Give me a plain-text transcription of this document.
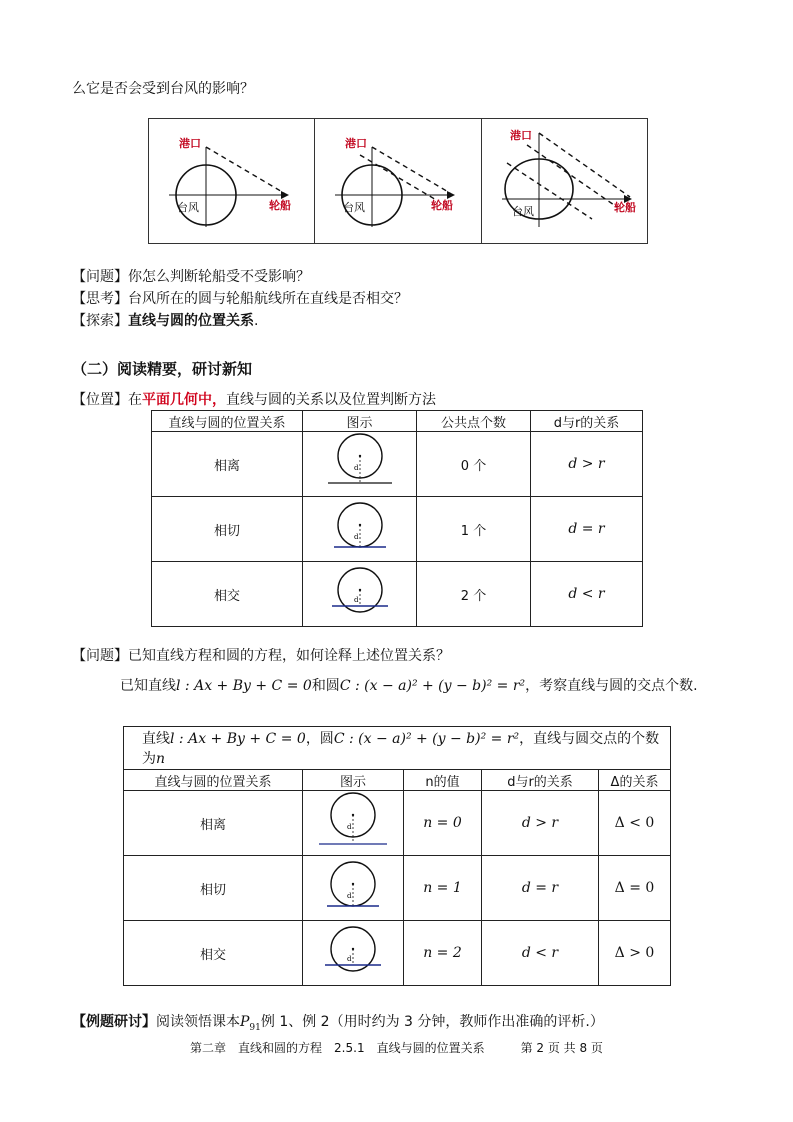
么它是否会受到台风的影响？
港口
台风	轮船
港口
台风	轮船
港口
台风	轮船
【问题】你怎么判断轮船受不受影响？
【思考】台风所在的圆与轮船航线所在直线是否相交？
【探索】直线与圆的位置关系.
（二）阅读精要，研讨新知
【位置】在平面几何中，直线与圆的关系以及位置判断方法
直线与圆的位置关系	图示	公共点个数	d与r的关系
相离	d	0 个	d > r
相切	d	1 个	d = r
相交	d	2 个	d < r
【问题】已知直线方程和圆的方程，如何诠释上述位置关系？
已知直线l : Ax + By + C = 0和圆C : (x − a)² + (y − b)² = r²，考察直线与圆的交点个数.
直线l : Ax + By + C = 0，圆C : (x − a)² + (y − b)² = r²，直线与圆交点的个数为n				
直线与圆的位置关系	图示	n的值	d与r的关系	Δ的关系
相离	d	n = 0	d > r	Δ < 0
相切	d	n = 1	d = r	Δ = 0
相交	d	n = 2	d < r	Δ > 0
【例题研讨】阅读领悟课本$P_{91}$例 1、例 2（用时约为 3 分钟，教师作出准确的评析.）
第二章　直线和圆的方程　2.5.1　直线与圆的位置关系　　　第 2 页 共 8 页
